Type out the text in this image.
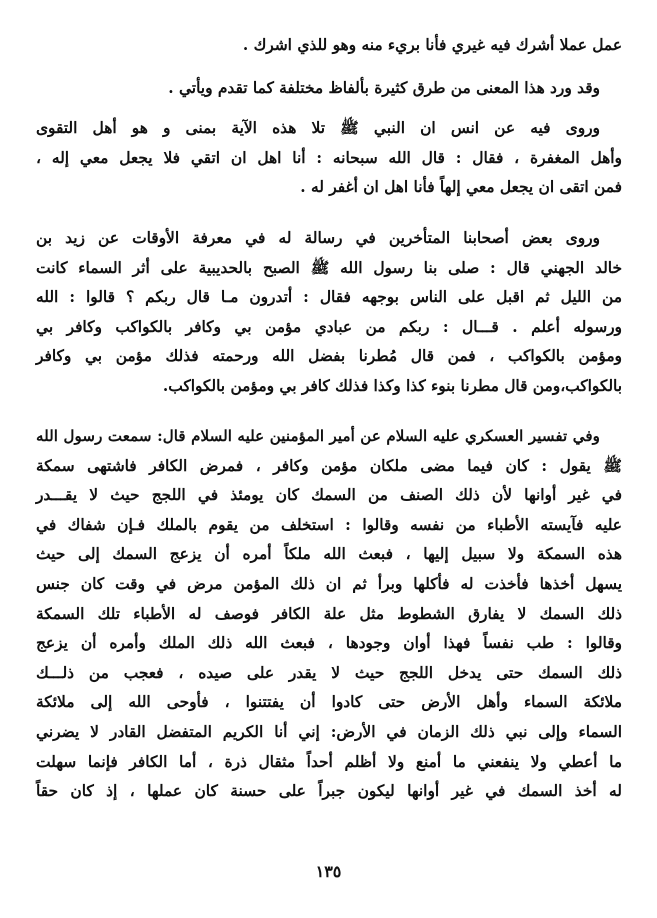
عمل عملا أشرك فيه غيري فأنا بريء منه وهو للذي اشرك .
وقد ورد هذا المعنى من طرق كثيرة بألفاظ مختلفة كما تقدم ويأتي .
وروى فيه عن انس ان النبي ﷺ تلا هذه الآية بمنى و هو أهل التقوى
وأهل المغفرة ، فقال : قال الله سبحانه : أنا اهل ان اتقي فلا يجعل معي إله ،
فمن اتقى ان يجعل معي إلهاً فأنا اهل ان أغفر له .
وروى بعض أصحابنا المتأخرين في رسالة له في معرفة الأوقات عن زيد بن
خالد الجهني قال : صلى بنا رسول الله ﷺ الصبح بالحديبية على أثر السماء كانت
من الليل ثم اقبل على الناس بوجهه فقال : أتدرون مـا قال ربكم ؟ قالوا : الله
ورسوله أعلم . قـــال : ربكم من عبادي مؤمن بي وكافر بالكواكب وكافر بي
ومؤمن بالكواكب ، فمن قال مُطرنا بفضل الله ورحمته فذلك مؤمن بي وكافر
بالكواكب،ومن قال مطرنا بنوء كذا وكذا فذلك كافر بي ومؤمن بالكواكب.
وفي تفسير العسكري عليه السلام عن أمير المؤمنين عليه السلام قال: سمعت رسول الله
ﷺ يقول : كان فيما مضى ملكان مؤمن وكافر ، فمرض الكافر فاشتهى سمكة
في غير أوانها لأن ذلك الصنف من السمك كان يومئذ في اللجج حيث لا يقـــدر
عليه فآيسته الأطباء من نفسه وقالوا : استخلف من يقوم بالملك فـإن شفاك في
هذه السمكة ولا سبيل إليها ، فبعث الله ملكاً أمره أن يزعج السمك إلى حيث
يسهل أخذها فأخذت له فأكلها وبرأ ثم ان ذلك المؤمن مرض في وقت كان جنس
ذلك السمك لا يفارق الشطوط مثل علة الكافر فوصف له الأطباء تلك السمكة
وقالوا : طب نفساً فهذا أوان وجودها ، فبعث الله ذلك الملك وأمره أن يزعج
ذلك السمك حتى يدخل اللجج حيث لا يقدر على صيده ، فعجب من ذلـــك
ملائكة السماء وأهل الأرض حتى كادوا أن يفتتنوا ، فأوحى الله إلى ملائكة
السماء وإلى نبي ذلك الزمان في الأرض: إني أنا الكريم المتفضل القادر لا يضرني
ما أعطي ولا ينفعني ما أمنع ولا أظلم أحداً مثقال ذرة ، أما الكافر فإنما سهلت
له أخذ السمك في غير أوانها ليكون جبراً على حسنة كان عملها ، إذ كان حقاً
١٣٥
